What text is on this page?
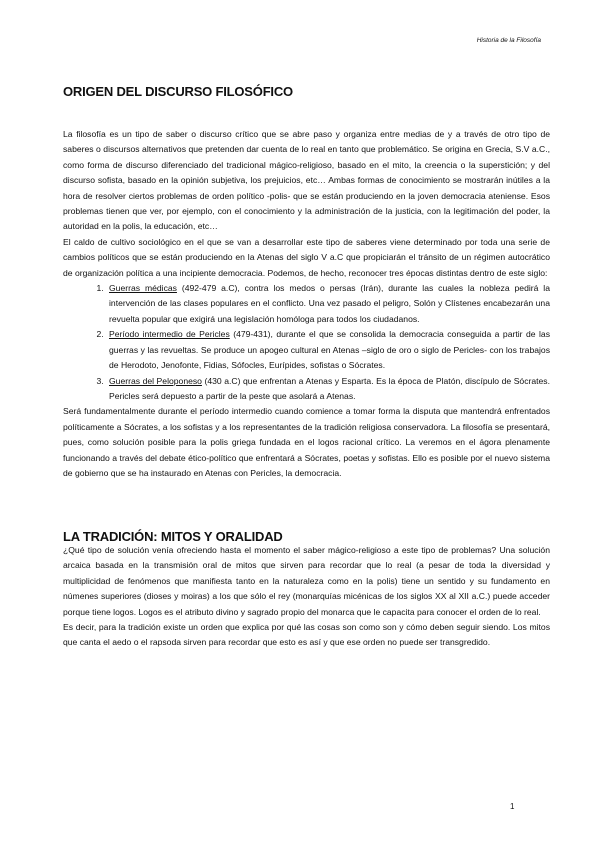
Historia de la Filosofía
ORIGEN DEL DISCURSO FILOSÓFICO

La filosofía es un tipo de saber o discurso crítico que se abre paso y organiza entre medias de y a través de otro tipo de saberes o discursos alternativos que pretenden dar cuenta de lo real en tanto que problemático. Se origina en Grecia, S.V a.C., como forma de discurso diferenciado del tradicional mágico-religioso, basado en el mito, la creencia o la superstición; y del discurso sofista, basado en la opinión subjetiva, los prejuicios, etc… Ambas formas de conocimiento se mostrarán inútiles a la hora de resolver ciertos problemas de orden político -polis- que se están produciendo en la joven democracia ateniense. Esos problemas tienen que ver, por ejemplo, con el conocimiento y la administración de la justicia, con la legitimación del poder, la autoridad en la polis, la educación, etc…

El caldo de cultivo sociológico en el que se van a desarrollar este tipo de saberes viene determinado por toda una serie de cambios políticos que se están produciendo en la Atenas del siglo V a.C que propiciarán el tránsito de un régimen autocrático de organización política a una incipiente democracia. Podemos, de hecho, reconocer tres épocas distintas dentro de este siglo:

1. Guerras médicas (492-479 a.C), contra los medos o persas (Irán), durante las cuales la nobleza pedirá la intervención de las clases populares en el conflicto. Una vez pasado el peligro, Solón y Clístenes encabezarán una revuelta popular que exigirá una legislación homóloga para todos los ciudadanos.
2. Período intermedio de Pericles (479-431), durante el que se consolida la democracia conseguida a partir de las guerras y las revueltas. Se produce un apogeo cultural en Atenas –siglo de oro o siglo de Pericles- con los trabajos de Herodoto, Jenofonte, Fidias, Sófocles, Eurípides, sofistas o Sócrates.
3. Guerras del Peloponeso (430 a.C) que enfrentan a Atenas y Esparta. Es la época de Platón, discípulo de Sócrates. Pericles será depuesto a partir de la peste que asolará a Atenas.

Será fundamentalmente durante el período intermedio cuando comience a tomar forma la disputa que mantendrá enfrentados políticamente a Sócrates, a los sofistas y a los representantes de la tradición religiosa conservadora. La filosofía se presentará, pues, como solución posible para la polis griega fundada en el logos racional crítico. La veremos en el ágora plenamente funcionando a través del debate ético-político que enfrentará a Sócrates, poetas y sofistas. Ello es posible por el nuevo sistema de gobierno que se ha instaurado en Atenas con Pericles, la democracia.

LA TRADICIÓN: MITOS Y ORALIDAD

¿Qué tipo de solución venía ofreciendo hasta el momento el saber mágico-religioso a este tipo de problemas? Una solución arcaica basada en la transmisión oral de mitos que sirven para recordar que lo real (a pesar de toda la diversidad y multiplicidad de fenómenos que manifiesta tanto en la naturaleza como en la polis) tiene un sentido y su fundamento en númenes superiores (dioses y moiras) a los que sólo el rey (monarquías micénicas de los siglos XX al XII a.C.) puede acceder porque tiene logos. Logos es el atributo divino y sagrado propio del monarca que le capacita para conocer el orden de lo real.

Es decir, para la tradición existe un orden que explica por qué las cosas son como son y cómo deben seguir siendo. Los mitos que canta el aedo o el rapsoda sirven para recordar que esto es así y que ese orden no puede ser transgredido.

1
